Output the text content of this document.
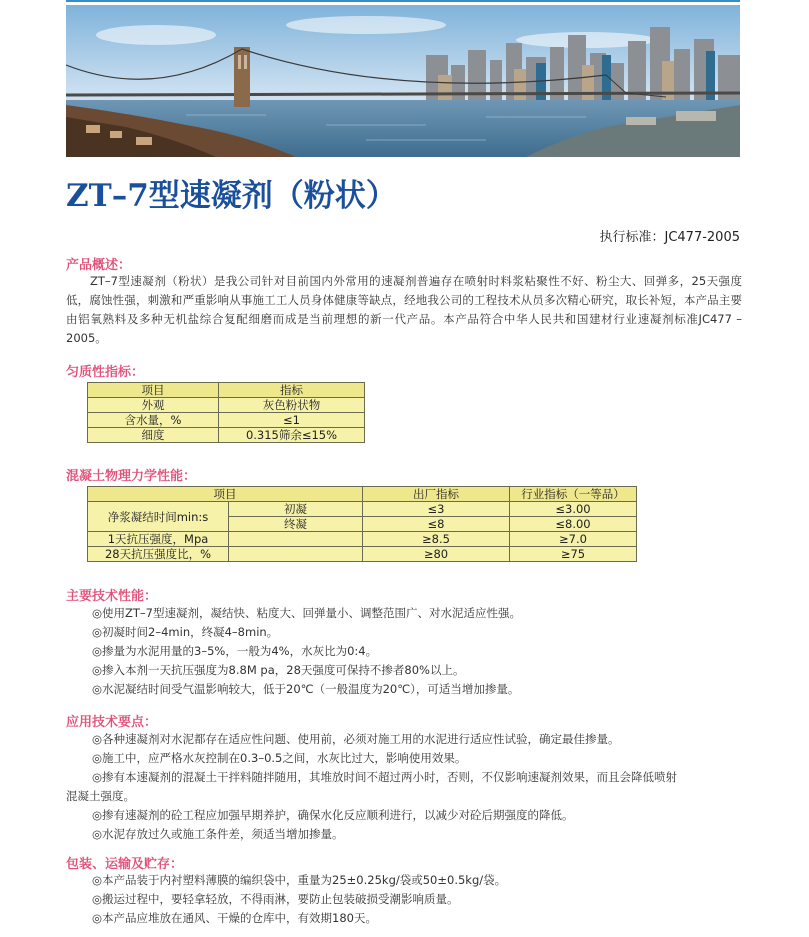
ZT–7型速凝剂（粉状）
执行标准：JC477-2005
产品概述：
ZT–7型速凝剂（粉状）是我公司针对目前国内外常用的速凝剂普遍存在喷射时料浆粘聚性不好、粉尘大、回弹多，25天强度低，腐蚀性强，刺激和严重影响从事施工工人员身体健康等缺点，经地我公司的工程技术从员多次精心研究，取长补短，本产品主要由铝氧熟料及多种无机盐综合复配细磨而成是当前理想的新一代产品。本产品符合中华人民共和国建材行业速凝剂标准JC477 – 2005。
匀质性指标：
项目	指标
外观	灰色粉状物
含水量，%	≤1
细度	0.315筛余≤15%
混凝土物理力学性能：
项目		出厂指标	行业指标（一等品）
净浆凝结时间min:s	初凝	≤3	≤3.00
	终凝	≤8	≤8.00
1天抗压强度，Mpa		≥8.5	≥7.0
28天抗压强度比，%		≥80	≥75
主要技术性能：
◎使用ZT–7型速凝剂，凝结快、粘度大、回弹量小、调整范围广、对水泥适应性强。
◎初凝时间2–4min，终凝4–8min。
◎掺量为水泥用量的3–5%，一般为4%，水灰比为0:4。
◎掺入本剂一天抗压强度为8.8M pa，28天强度可保持不掺者80%以上。
◎水泥凝结时间受气温影响较大，低于20℃（一般温度为20℃），可适当增加掺量。
应用技术要点：
◎各种速凝剂对水泥都存在适应性问题、使用前，必须对施工用的水泥进行适应性试验，确定最佳掺量。
◎施工中，应严格水灰控制在0.3–0.5之间，水灰比过大，影响使用效果。
◎掺有本速凝剂的混凝土干拌料随拌随用，其堆放时间不超过两小时，否则，不仅影响速凝剂效果，而且会降低喷射
混凝土强度。
◎掺有速凝剂的砼工程应加强早期养护，确保水化反应顺利进行，以减少对砼后期强度的降低。
◎水泥存放过久或施工条件差，须适当增加掺量。
包装、运输及贮存：
◎本产品装于内衬塑料薄膜的编织袋中，重量为25±0.25kg/袋或50±0.5kg/袋。
◎搬运过程中，要轻拿轻放，不得雨淋，要防止包装破损受潮影响质量。
◎本产品应堆放在通风、干燥的仓库中，有效期180天。
